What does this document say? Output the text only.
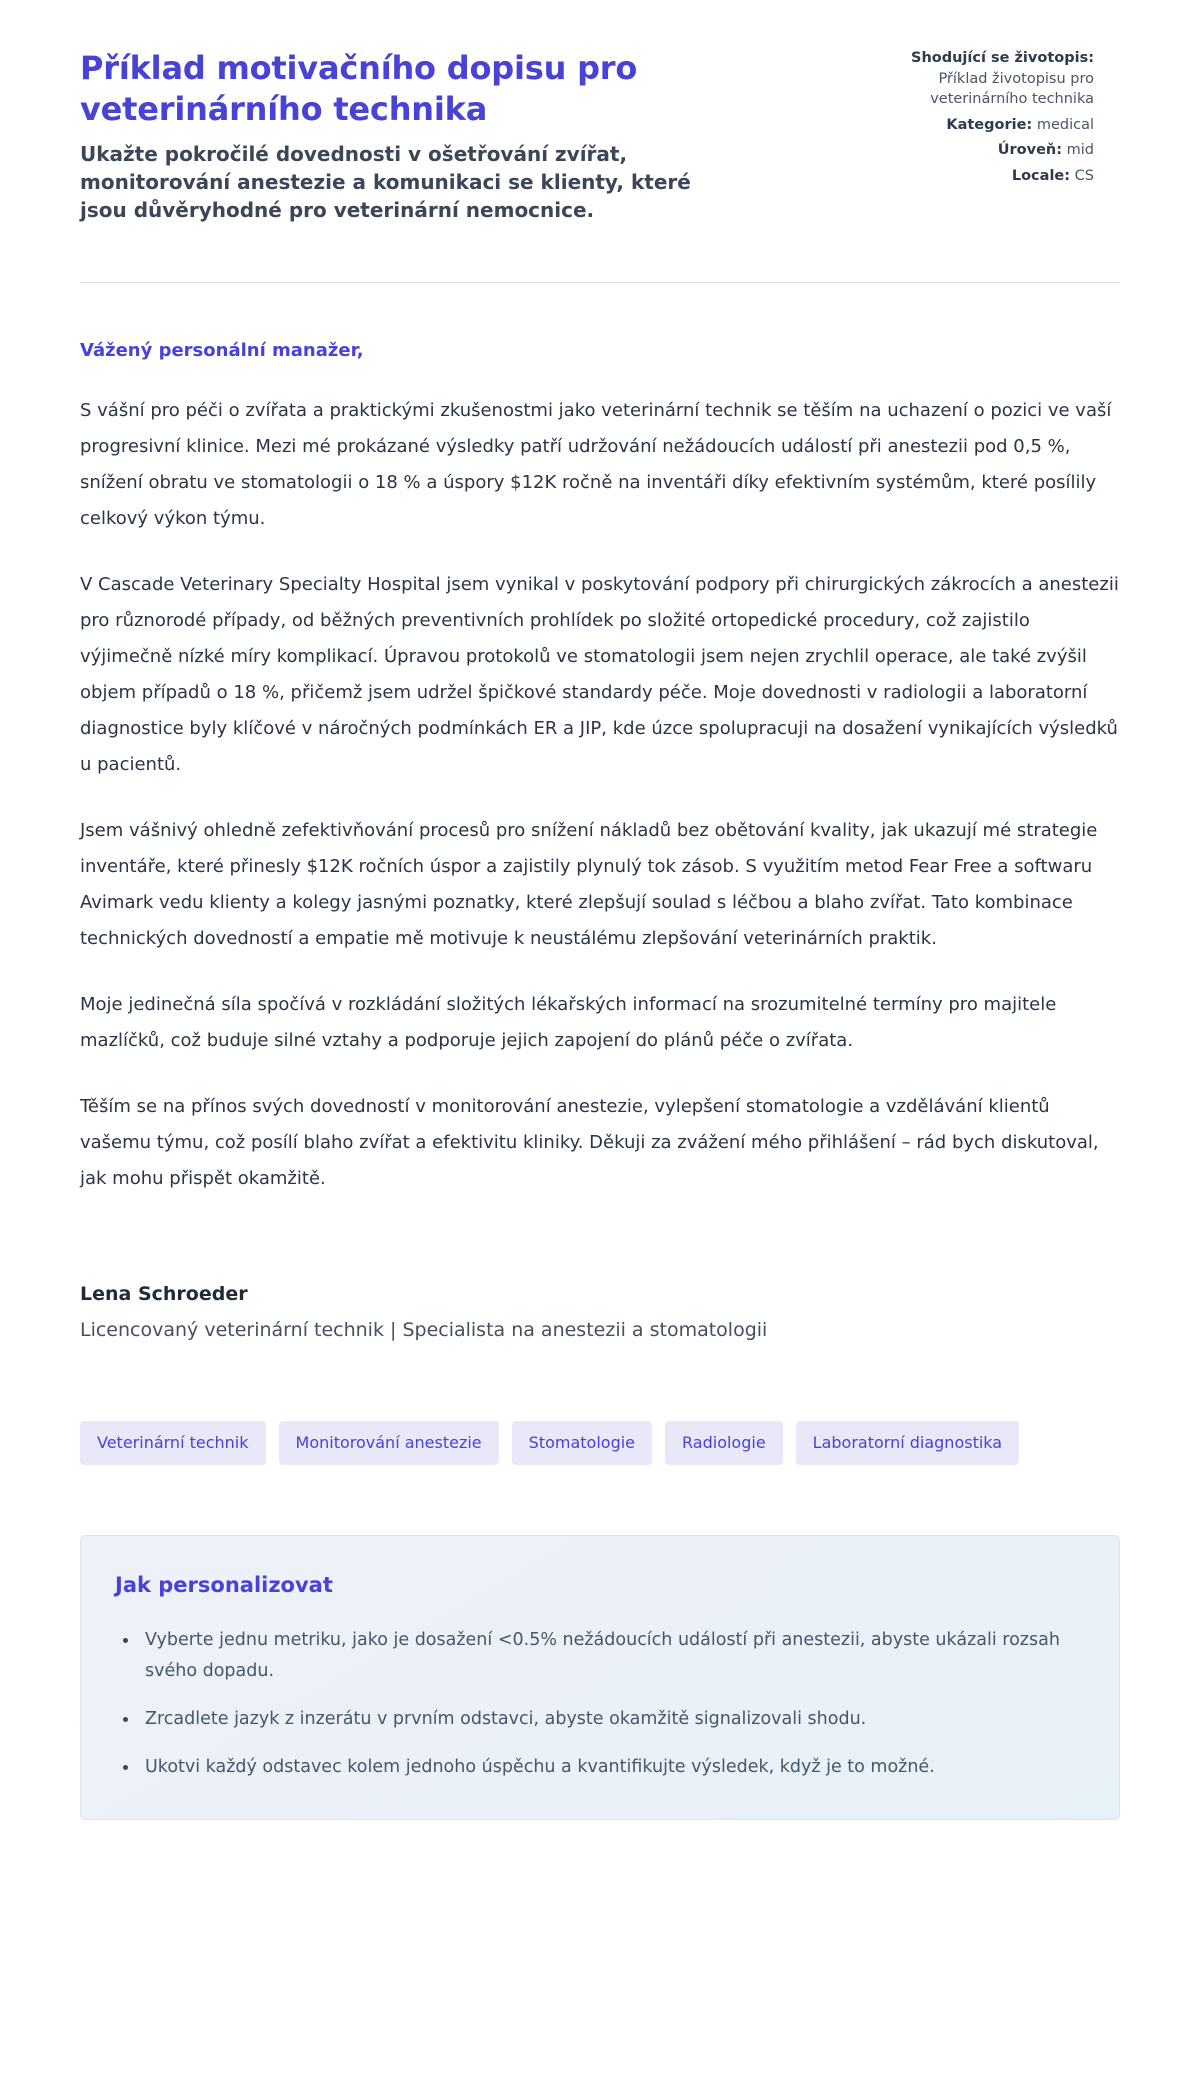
Příklad motivačního dopisu pro veterinárního technika

Ukažte pokročilé dovednosti v ošetřování zvířat, monitorování anestezie a komunikaci se klienty, které jsou důvěryhodné pro veterinární nemocnice.

Shodující se životopis: Příklad životopisu pro veterinárního technika
Kategorie: medical
Úroveň: mid
Locale: CS

Vážený personální manažer,

S vášní pro péči o zvířata a praktickými zkušenostmi jako veterinární technik se těším na uchazení o pozici ve vaší progresivní klinice. Mezi mé prokázané výsledky patří udržování nežádoucích událostí při anestezii pod 0,5 %, snížení obratu ve stomatologii o 18 % a úspory $12K ročně na inventáři díky efektivním systémům, které posílily celkový výkon týmu.

V Cascade Veterinary Specialty Hospital jsem vynikal v poskytování podpory při chirurgických zákrocích a anestezii pro různorodé případy, od běžných preventivních prohlídek po složité ortopedické procedury, což zajistilo výjimečně nízké míry komplikací. Úpravou protokolů ve stomatologii jsem nejen zrychlil operace, ale také zvýšil objem případů o 18 %, přičemž jsem udržel špičkové standardy péče. Moje dovednosti v radiologii a laboratorní diagnostice byly klíčové v náročných podmínkách ER a JIP, kde úzce spolupracuji na dosažení vynikajících výsledků u pacientů.

Jsem vášnivý ohledně zefektivňování procesů pro snížení nákladů bez obětování kvality, jak ukazují mé strategie inventáře, které přinesly $12K ročních úspor a zajistily plynulý tok zásob. S využitím metod Fear Free a softwaru Avimark vedu klienty a kolegy jasnými poznatky, které zlepšují soulad s léčbou a blaho zvířat. Tato kombinace technických dovedností a empatie mě motivuje k neustálému zlepšování veterinárních praktik.

Moje jedinečná síla spočívá v rozkládání složitých lékařských informací na srozumitelné termíny pro majitele mazlíčků, což buduje silné vztahy a podporuje jejich zapojení do plánů péče o zvířata.

Těším se na přínos svých dovedností v monitorování anestezie, vylepšení stomatologie a vzdělávání klientů vašemu týmu, což posílí blaho zvířat a efektivitu kliniky. Děkuji za zvážení mého přihlášení – rád bych diskutoval, jak mohu přispět okamžitě.

Lena Schroeder

Licencovaný veterinární technik | Specialista na anestezii a stomatologii

Veterinární technik	Monitorování anestezie	Stomatologie	Radiologie	Laboratorní diagnostika
Jak personalizovat
• Vyberte jednu metriku, jako je dosažení <0.5% nežádoucích událostí při anestezii, abyste ukázali rozsah svého dopadu.
• Zrcadlete jazyk z inzerátu v prvním odstavci, abyste okamžitě signalizovali shodu.
• Ukotvi každý odstavec kolem jednoho úspěchu a kvantifikujte výsledek, když je to možné.
